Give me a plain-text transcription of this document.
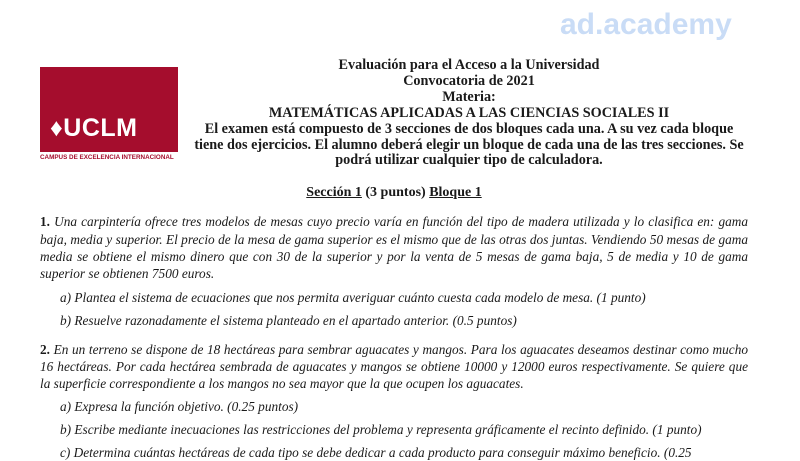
ad.academy
♦UCLM
CAMPUS DE EXCELENCIA INTERNACIONAL
Evaluación para el Acceso a la Universidad
Convocatoria de 2021
Materia:
MATEMÁTICAS APLICADAS A LAS CIENCIAS SOCIALES II
El examen está compuesto de 3 secciones de dos bloques cada una. A su vez cada bloque tiene dos ejercicios. El alumno deberá elegir un bloque de cada una de las tres secciones. Se podrá utilizar cualquier tipo de calculadora.
Sección 1 (3 puntos) Bloque 1
1. Una carpintería ofrece tres modelos de mesas cuyo precio varía en función del tipo de madera utilizada y lo clasifica en: gama baja, media y superior. El precio de la mesa de gama superior es el mismo que de las otras dos juntas. Vendiendo 50 mesas de gama media se obtiene el mismo dinero que con 30 de la superior y por la venta de 5 mesas de gama baja, 5 de media y 10 de gama superior se obtienen 7500 euros.
a) Plantea el sistema de ecuaciones que nos permita averiguar cuánto cuesta cada modelo de mesa. (1 punto)
b) Resuelve razonadamente el sistema planteado en el apartado anterior. (0.5 puntos)
2. En un terreno se dispone de 18 hectáreas para sembrar aguacates y mangos. Para los aguacates deseamos destinar como mucho 16 hectáreas. Por cada hectárea sembrada de aguacates y mangos se obtiene 10000 y 12000 euros respectivamente. Se quiere que la superficie correspondiente a los mangos no sea mayor que la que ocupen los aguacates.
a) Expresa la función objetivo. (0.25 puntos)
b) Escribe mediante inecuaciones las restricciones del problema y representa gráficamente el recinto definido. (1 punto)
c) Determina cuántas hectáreas de cada tipo se debe dedicar a cada producto para conseguir máximo beneficio. (0.25
